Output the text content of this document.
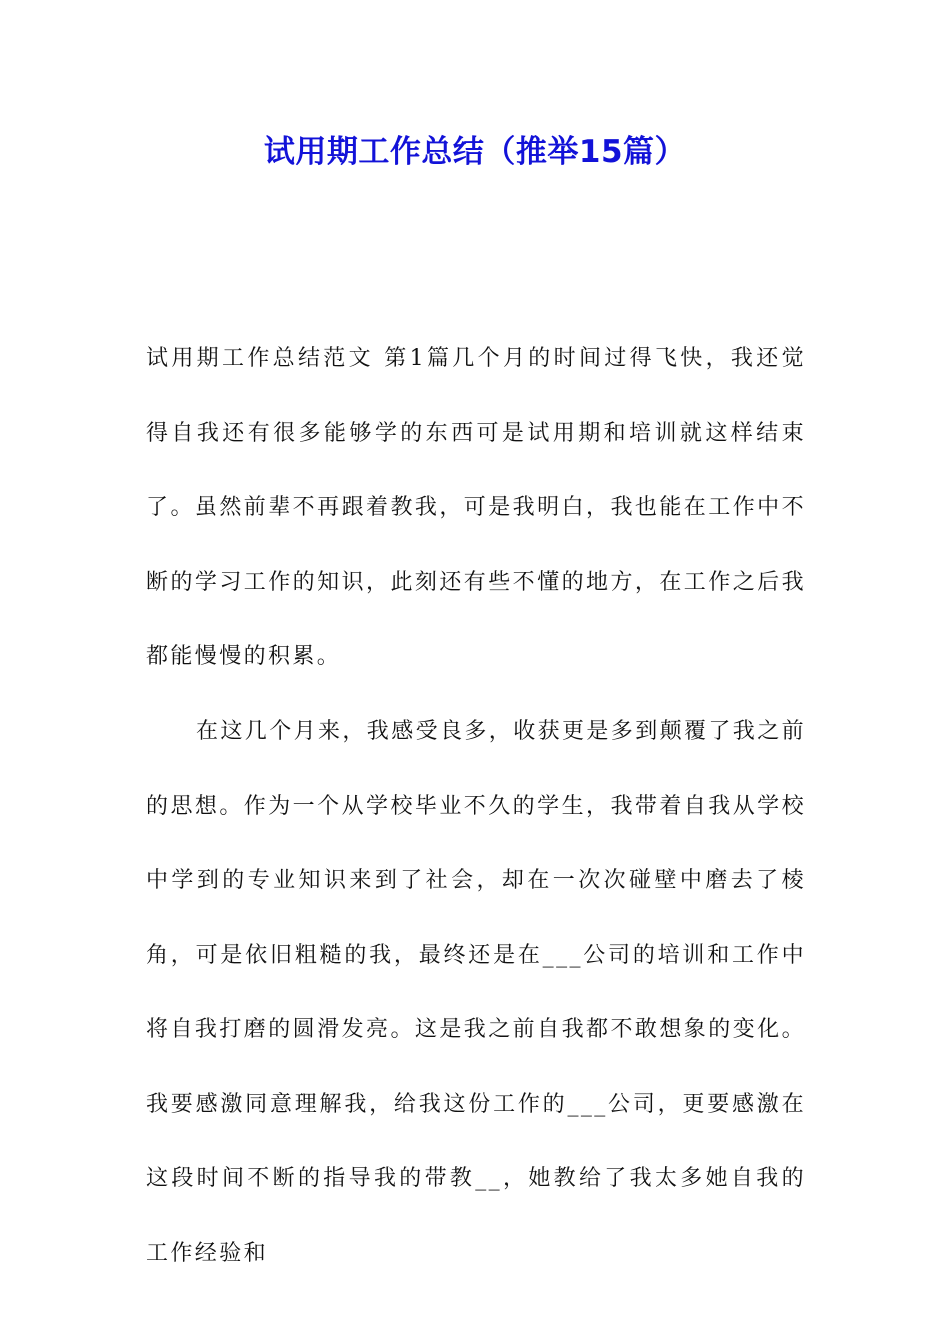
试用期工作总结（推举15篇）
试用期工作总结范文 第1篇几个月的时间过得飞快，我还觉得自我还有很多能够学的东西可是试用期和培训就这样结束了。虽然前辈不再跟着教我，可是我明白，我也能在工作中不断的学习工作的知识，此刻还有些不懂的地方，在工作之后我都能慢慢的积累。
在这几个月来，我感受良多，收获更是多到颠覆了我之前的思想。作为一个从学校毕业不久的学生，我带着自我从学校中学到的专业知识来到了社会，却在一次次碰壁中磨去了棱角，可是依旧粗糙的我，最终还是在___公司的培训和工作中将自我打磨的圆滑发亮。这是我之前自我都不敢想象的变化。我要感激同意理解我，给我这份工作的___公司，更要感激在这段时间不断的指导我的带教__，她教给了我太多她自我的工作经验和
